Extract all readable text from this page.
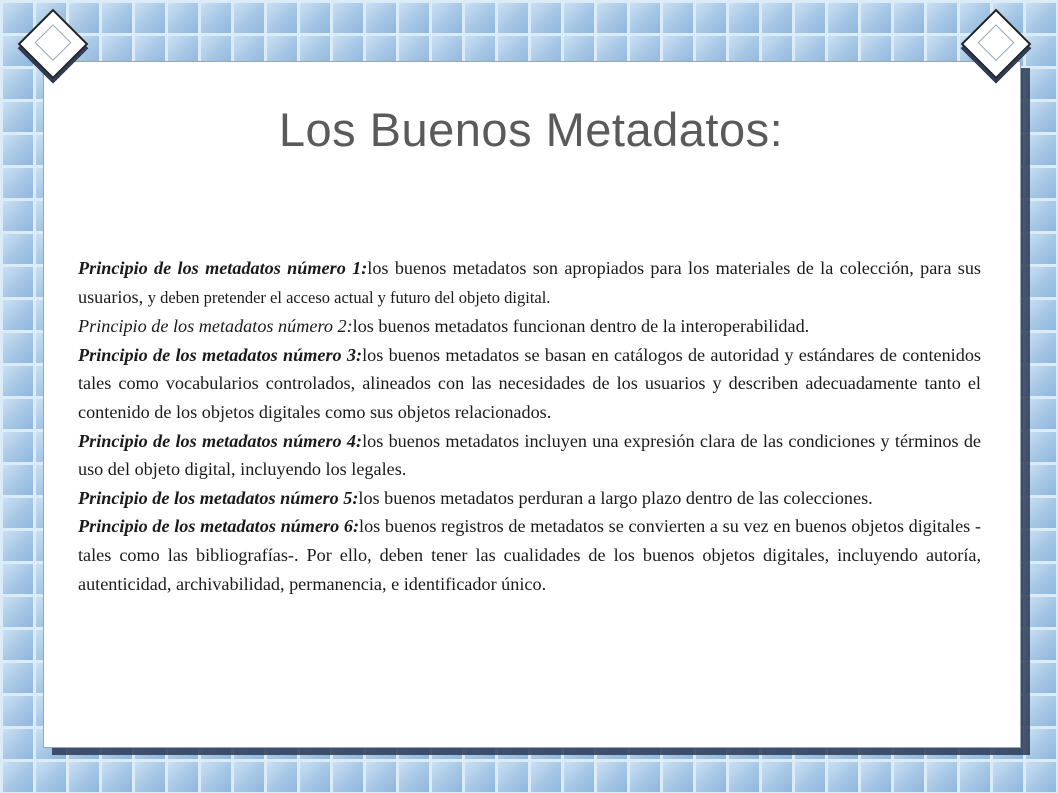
Los Buenos Metadatos:

Principio de los metadatos número 1:los buenos metadatos son apropiados para los materiales de la colección, para sus usuarios, y deben pretender el acceso actual y futuro del objeto digital.

Principio de los metadatos número 2:los buenos metadatos funcionan dentro de la interoperabilidad.

Principio de los metadatos número 3:los buenos metadatos se basan en catálogos de autoridad y estándares de contenidos tales como vocabularios controlados, alineados con las necesidades de los usuarios y describen adecuadamente tanto el contenido de los objetos digitales como sus objetos relacionados.

Principio de los metadatos número 4:los buenos metadatos incluyen una expresión clara de las condiciones y términos de uso del objeto digital, incluyendo los legales.

Principio de los metadatos número 5:los buenos metadatos perduran a largo plazo dentro de las colecciones.

Principio de los metadatos número 6:los buenos registros de metadatos se convierten a su vez en buenos objetos digitales -tales como las bibliografías-. Por ello, deben tener las cualidades de los buenos objetos digitales, incluyendo autoría, autenticidad, archivabilidad, permanencia, e identificador único.
